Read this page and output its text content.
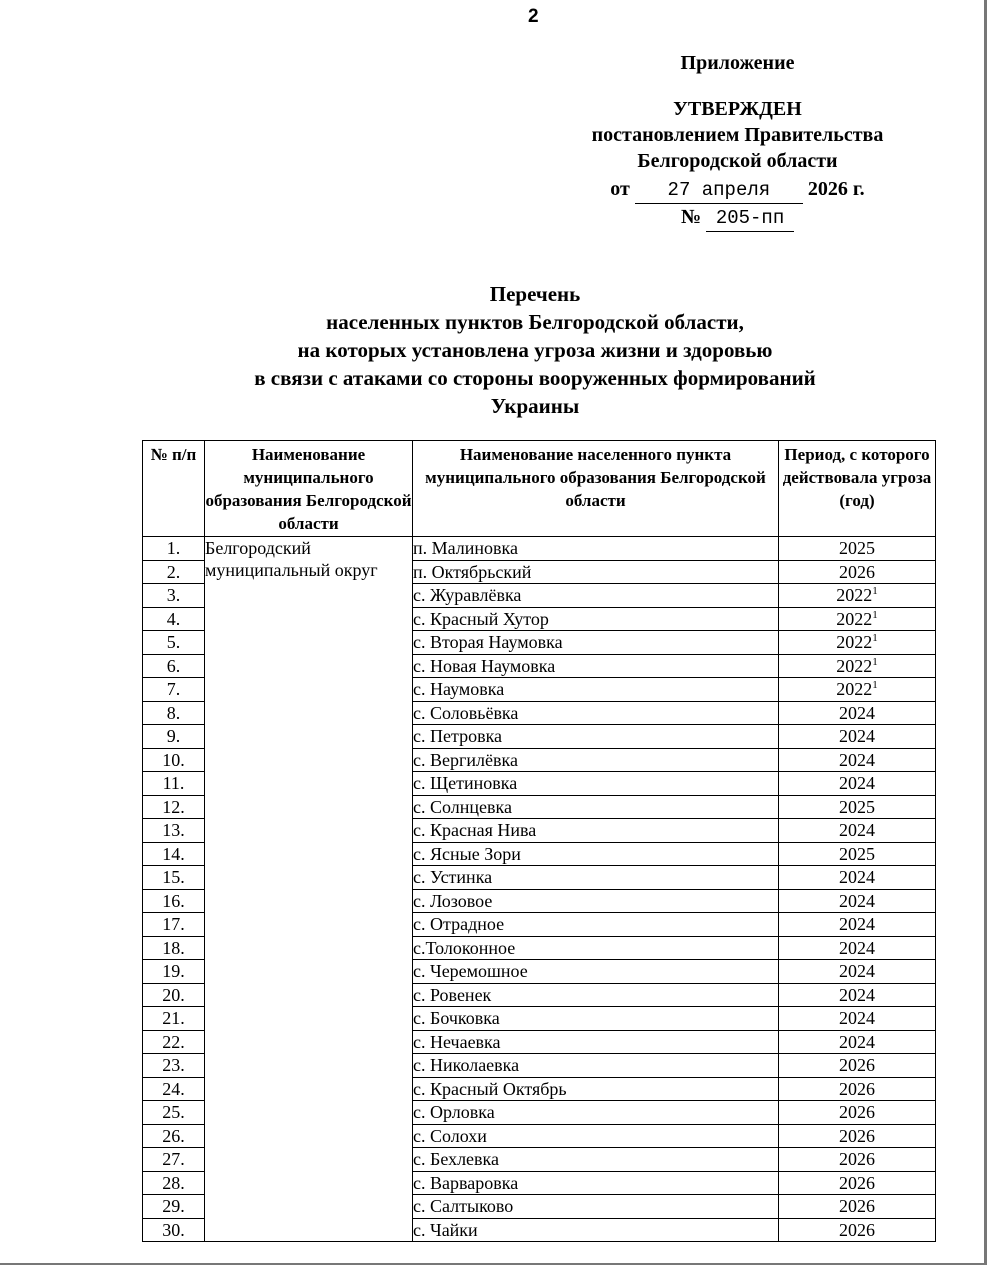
2
Приложение
УТВЕРЖДЕН
постановлением Правительства
Белгородской области
от 27 апреля 2026 г.
№ 205-пп
Перечень
населенных пунктов Белгородской области,
на которых установлена угроза жизни и здоровью
в связи с атаками со стороны вооруженных формирований
Украины
№ п/п	Наименование муниципального образования Белгородской области	Наименование населенного пункта муниципального образования Белгородской области	Период, с которого действовала угроза (год)
1.	Белгородский муниципальный округ	п. Малиновка	2025
2.		п. Октябрьский	2026
3.		с. Журавлёвка	2022$^1$
4.		с. Красный Хутор	2022$^1$
5.		с. Вторая Наумовка	2022$^1$
6.		с. Новая Наумовка	2022$^1$
7.		с. Наумовка	2022$^1$
8.		с. Соловьёвка	2024
9.		с. Петровка	2024
10.		с. Вергилёвка	2024
11.		с. Щетиновка	2024
12.		с. Солнцевка	2025
13.		с. Красная Нива	2024
14.		с. Ясные Зори	2025
15.		с. Устинка	2024
16.		с. Лозовое	2024
17.		с. Отрадное	2024
18.		с.Толоконное	2024
19.		с. Черемошное	2024
20.		с. Ровенек	2024
21.		с. Бочковка	2024
22.		с. Нечаевка	2024
23.		с. Николаевка	2026
24.		с. Красный Октябрь	2026
25.		с. Орловка	2026
26.		с. Солохи	2026
27.		с. Бехлевка	2026
28.		с. Варваровка	2026
29.		с. Салтыково	2026
30.		с. Чайки	2026
